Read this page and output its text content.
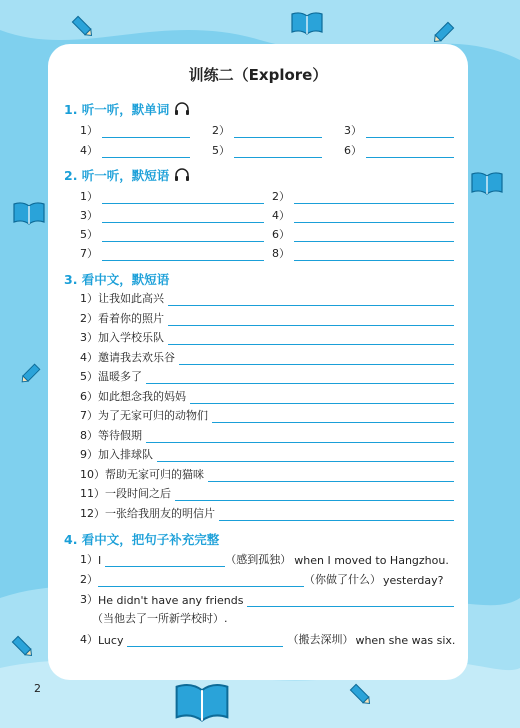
训练二（Explore）
1. 听一听，默单词
1）	2）	3）
4）	5）	6）
2. 听一听，默短语
1）	2）
3）	4）
5）	6）
7）	8）
3. 看中文，默短语
1） 让我如此高兴
2） 看着你的照片
3） 加入学校乐队
4） 邀请我去欢乐谷
5） 温暖多了
6） 如此想念我的妈妈
7） 为了无家可归的动物们
8） 等待假期
9） 加入排球队
10） 帮助无家可归的猫咪
11） 一段时间之后
12） 一张给我朋友的明信片
4. 看中文，把句子补充完整
1） I	（感到孤独） when I moved to Hangzhou.
2）	（你做了什么） yesterday?
3） He didn't have any friends
（当他去了一所新学校时）.
4） Lucy	（搬去深圳） when she was six.
2
